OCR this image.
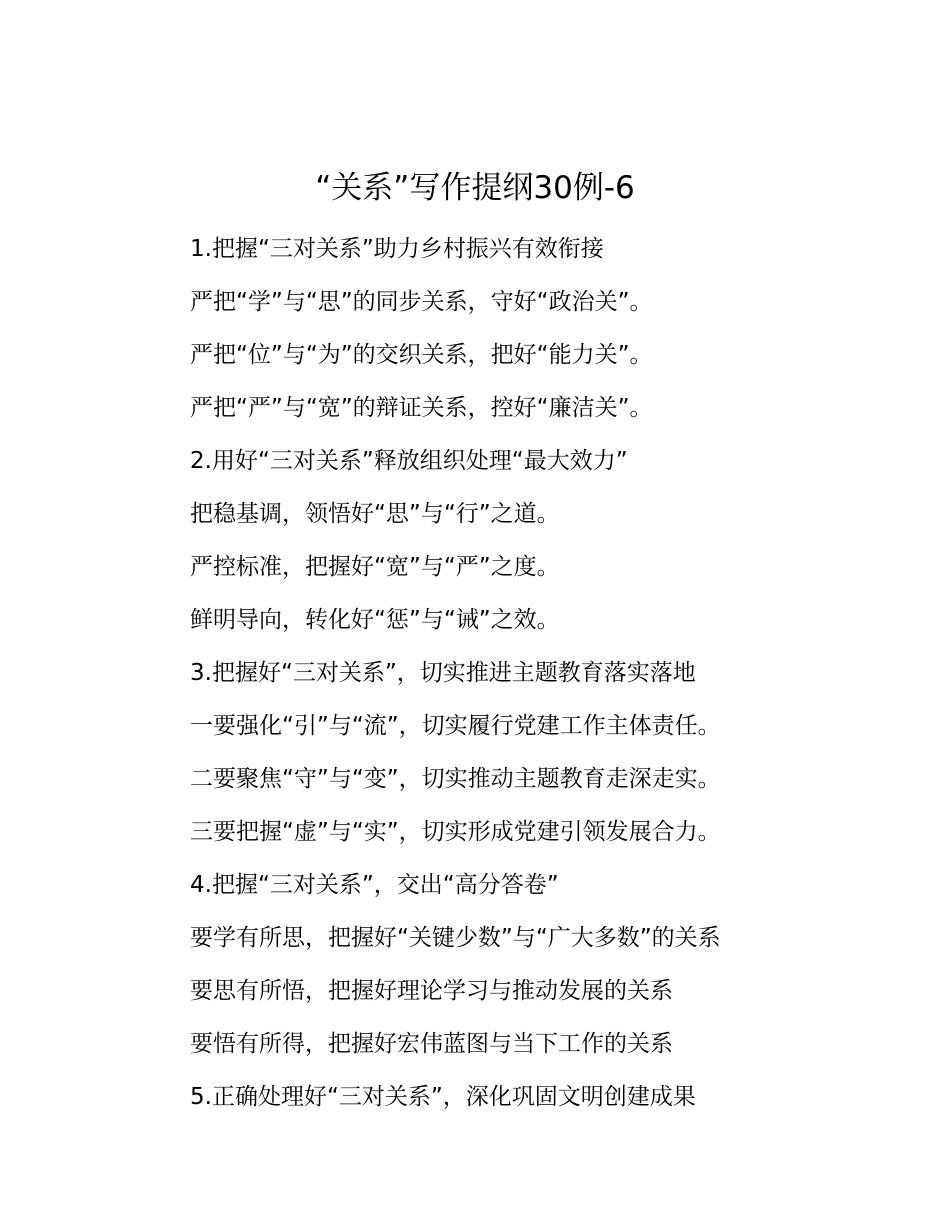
“关系”写作提纲30例-6
1.把握“三对关系”助力乡村振兴有效衔接
严把“学”与“思”的同步关系，守好“政治关”。
严把“位”与“为”的交织关系，把好“能力关”。
严把“严”与“宽”的辩证关系，控好“廉洁关”。
2.用好“三对关系”释放组织处理“最大效力”
把稳基调，领悟好“思”与“行”之道。
严控标准，把握好“宽”与“严”之度。
鲜明导向，转化好“惩”与“诫”之效。
3.把握好“三对关系”，切实推进主题教育落实落地
一要强化“引”与“流”，切实履行党建工作主体责任。
二要聚焦“守”与“变”，切实推动主题教育走深走实。
三要把握“虚”与“实”，切实形成党建引领发展合力。
4.把握“三对关系”，交出“高分答卷”
要学有所思，把握好“关键少数”与“广大多数”的关系
要思有所悟，把握好理论学习与推动发展的关系
要悟有所得，把握好宏伟蓝图与当下工作的关系
5.正确处理好“三对关系”，深化巩固文明创建成果
